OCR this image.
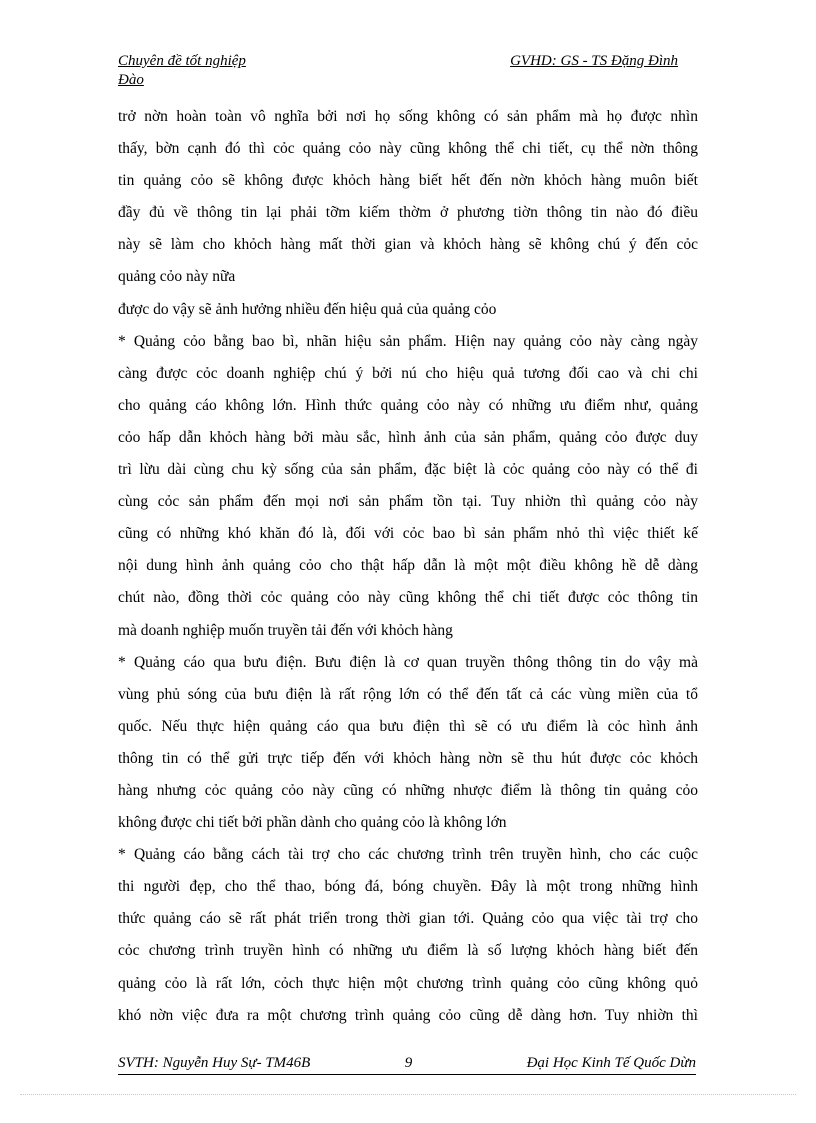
Chuyên đề tốt nghiệp	GVHD: GS - TS Đặng Đình
Đào
trở nờn hoàn toàn vô nghĩa bởi nơi họ sống không có sản phẩm mà họ được nhìn
thấy, bờn cạnh đó thì cỏc quảng cỏo này cũng không thể chi tiết, cụ thể nờn thông
tin quảng cỏo sẽ không được khỏch hàng biết hết đến nờn khỏch hàng muôn biết
đầy đủ về thông tin lại phải tỡm kiếm thờm ở phương tiờn thông tin nào đó điều
này sẽ làm cho khỏch hàng mất thời gian và khỏch hàng sẽ không chú ý đến cỏc
quảng cỏo này nữa
được do vậy sẽ ảnh hưởng nhiều đến hiệu quả của quảng cỏo
* Quảng cỏo bằng bao bì, nhãn hiệu sản phẩm. Hiện nay quảng cỏo này càng ngày
càng được cỏc doanh nghiệp chú ý bởi nú cho hiệu quả tương đối cao và chi chi
cho quảng cáo không lớn. Hình thức quảng cỏo này có những ưu điểm như, quảng
cỏo hấp dẫn khỏch hàng bởi màu sắc, hình ảnh của sản phẩm, quảng cỏo được duy
trì lừu dài cùng chu kỳ sống của sản phẩm, đặc biệt là cỏc quảng cỏo này có thể đi
cùng cỏc sản phẩm đến mọi nơi sản phẩm tồn tại. Tuy nhiờn thì quảng cỏo này
cũng có những khó khăn đó là, đối với cỏc bao bì sản phẩm nhỏ thì việc thiết kế
nội dung hình ảnh quảng cỏo cho thật hấp dẫn là một một điều không hề dễ dàng
chút nào, đồng thời cỏc quảng cỏo này cũng không thể chi tiết được cỏc thông tin
mà doanh nghiệp muốn truyền tải đến với khỏch hàng
* Quảng cáo qua bưu điện. Bưu điện là cơ quan truyền thông thông tin do vậy mà
vùng phủ sóng của bưu điện là rất rộng lớn có thể đến tất cả các vùng miền của tổ
quốc. Nếu thực hiện quảng cáo qua bưu điện thì sẽ có ưu điểm là cỏc hình ảnh
thông tin có thể gửi trực tiếp đến với khỏch hàng nờn sẽ thu hút được cỏc khỏch
hàng nhưng cỏc quảng cỏo này cũng có những nhược điểm là thông tin quảng cỏo
không được chi tiết bởi phần dành cho quảng cỏo là không lớn
* Quảng cáo bằng cách tài trợ cho các chương trình trên truyền hình, cho các cuộc
thi người đẹp, cho thể thao, bóng đá, bóng chuyền. Đây là một trong những hình
thức quảng cáo sẽ rất phát triển trong thời gian tới. Quảng cỏo qua việc tài trợ cho
cỏc chương trình truyền hình có những ưu điểm là số lượng khỏch hàng biết đến
quảng cỏo là rất lớn, cỏch thực hiện một chương trình quảng cỏo cũng không quỏ
khó nờn việc đưa ra một chương trình quảng cỏo cũng dễ dàng hơn. Tuy nhiờn thì
SVTH: Nguyễn Huy Sự- TM46B	9	Đại Học Kinh Tế Quốc Dừn
